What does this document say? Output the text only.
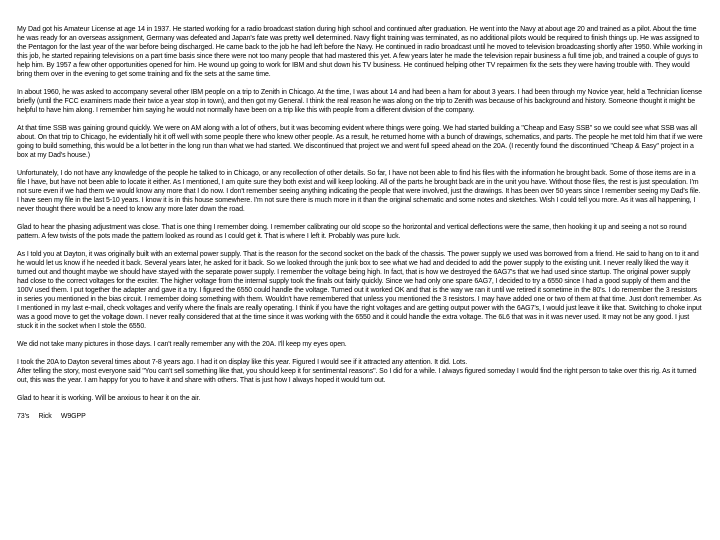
My Dad got his Amateur License at age 14 in 1937. He started working for a radio broadcast station during high school and continued after graduation. He went into the Navy at about age 20 and trained as a pilot. About the time he was ready for an overseas assignment, Germany was defeated and Japan's fate was pretty well determined. Navy flight training was terminated, as no additional pilots would be required to finish things up. He was assigned to the Pentagon for the last year of the war before being discharged. He came back to the job he had left before the Navy. He continued in radio broadcast until he moved to television broadcasting shortly after 1950. While working in this job, he started repairing televisions on a part time basis since there were not too many people that had mastered this yet. A few years later he made the television repair business a full time job, and trained a couple of guys to help him. By 1957 a few other opportunities opened for him. He wound up going to work for IBM and shut down his TV business. He continued helping other TV repairmen fix the sets they were having trouble with. They would bring them over in the evening to get some training and fix the sets at the same time.

In about 1960, he was asked to accompany several other IBM people on a trip to Zenith in Chicago. At the time, I was about 14 and had been a ham for about 3 years. I had been through my Novice year, held a Technician license briefly (until the FCC examiners made their twice a year stop in town), and then got my General. I think the real reason he was along on the trip to Zenith was because of his background and history. Someone thought it might be helpful to have him along. I remember him saying he would not normally have been on a trip like this with people from a different division of the company.

At that time SSB was gaining ground quickly. We were on AM along with a lot of others, but it was becoming evident where things were going. We had started building a "Cheap and Easy SSB" so we could see what SSB was all about. On that trip to Chicago, he evidentially hit it off well with some people there who knew other people. As a result, he returned home with a bunch of drawings, schematics, and parts. The people he met told him that if we were going to build something, this would be a lot better in the long run than what we had started. We discontinued that project we and went full speed ahead on the 20A. (I recently found the discontinued "Cheap & Easy" project in a box at my Dad's house.)

Unfortunately, I do not have any knowledge of the people he talked to in Chicago, or any recollection of other details. So far, I have not been able to find his files with the information he brought back. Some of those items are in a file I have, but have not been able to locate it either. As I mentioned, I am quite sure they both exist and will keep looking. All of the parts he brought back are in the unit you have. Without those files, the rest is just speculation. I'm not sure even if we had them we would know any more that I do now. I don't remember seeing anything indicating the people that were involved, just the drawings. It has been over 50 years since I remember seeing my Dad's file. I have seen my file in the last 5-10 years. I know it is in this house somewhere. I'm not sure there is much more in it than the original schematic and some notes and sketches. Wish I could tell you more. As it was all happening, I never thought there would be a need to know any more later down the road.

Glad to hear the phasing adjustment was close. That is one thing I remember doing. I remember calibrating our old scope so the horizontal and vertical deflections were the same, then hooking it up and seeing a not so round pattern. A few twists of the pots made the pattern looked as round as I could get it. That is where I left it. Probably was pure luck.

As I told you at Dayton, it was originally built with an external power supply. That is the reason for the second socket on the back of the chassis. The power supply we used was borrowed from a friend. He said to hang on to it and he would let us know if he needed it back. Several years later, he asked for it back. So we looked through the junk box to see what we had and decided to add the power supply to the existing unit. I never really liked the way it turned out and thought maybe we should have stayed with the separate power supply. I remember the voltage being high. In fact, that is how we destroyed the 6AG7's that we had used since startup. The original power supply had close to the correct voltages for the exciter. The higher voltage from the internal supply took the finals out fairly quickly. Since we had only one spare 6AG7, I decided to try a 6550 since I had a good supply of them and the 100V used them. I put together the adapter and gave it a try. I figured the 6550 could handle the voltage. Turned out it worked OK and that is the way we ran it until we retired it sometime in the 80's. I do remember the 3 resistors in series you mentioned in the bias circuit. I remember doing something with them. Wouldn't have remembered that unless you mentioned the 3 resistors. I may have added one or two of them at that time. Just don't remember. As I mentioned in my last e-mail, check voltages and verify where the finals are really operating. I think if you have the right voltages and are getting output power with the 6AG7's, I would just leave it like that. Switching to choke input was a good move to get the voltage down. I never really considered that at the time since it was working with the 6550 and it could handle the extra voltage. The 6L6 that was in it was never used. It may not be any good. I just stuck it in the socket when I stole the 6550.

We did not take many pictures in those days. I can't really remember any with the 20A. I'll keep my eyes open.

I took the 20A to Dayton several times about 7-8 years ago. I had it on display like this year. Figured I would see if it attracted any attention. It did. Lots.

After telling the story, most everyone said "You can't sell something like that, you should keep it for sentimental reasons". So I did for a while. I always figured someday I would find the right person to take over this rig. As it turned out, this was the year. I am happy for you to have it and share with others. That is just how I always hoped it would turn out.

Glad to hear it is working. Will be anxious to hear it on the air.

73's     Rick     W9GPP
